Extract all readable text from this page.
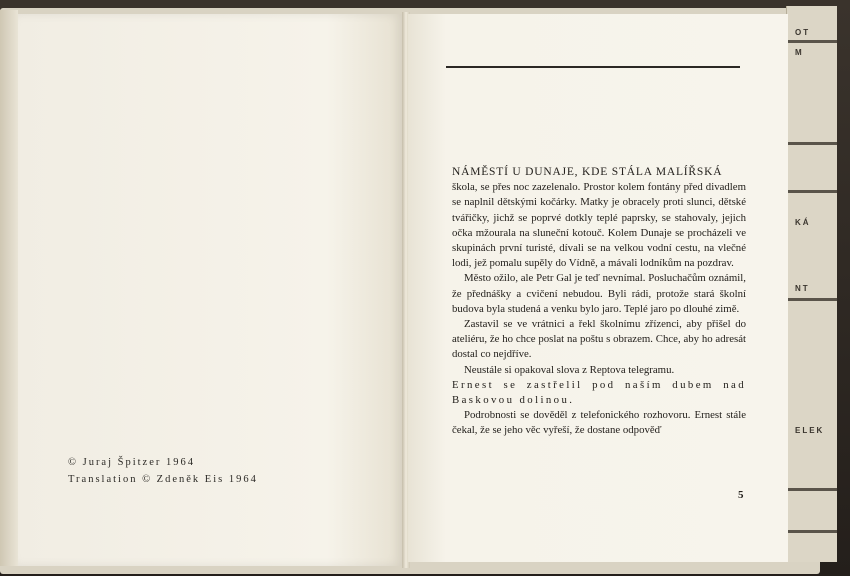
OT
M
KÁ
NT
ELEK
© Juraj Špitzer 1964
Translation © Zdeněk Eis 1964

NÁMĚSTÍ U DUNAJE, KDE STÁLA MALÍŘSKÁ

škola, se přes noc zazelenalo. Prostor kolem fontány před divadlem se naplnil dětskými kočárky. Matky je obracely proti slunci, dětské tvářičky, jichž se poprvé dotkly teplé paprsky, se stahovaly, jejich očka mžourala na sluneční kotouč. Kolem Dunaje se procházeli ve skupinách první turisté, dívali se na velkou vodní cestu, na vlečné lodi, jež pomalu supěly do Vídně, a mávali lodníkům na pozdrav.

Město ožilo, ale Petr Gal je teď nevnímal. Posluchačům oznámil, že přednášky a cvičení nebudou. Byli rádi, protože stará školní budova byla studená a venku bylo jaro. Teplé jaro po dlouhé zimě.

Zastavil se ve vrátnici a řekl školnímu zřízenci, aby přišel do ateliéru, že ho chce poslat na poštu s obrazem. Chce, aby ho adresát dostal co nejdříve.

Neustále si opakoval slova z Reptova telegramu.

Ernest se zastřelil pod naším dubem nad Baskovou dolinou.

Podrobnosti se dověděl z telefonického rozhovoru. Ernest stále čekal, že se jeho věc vyřeší, že dostane odpověď

5
